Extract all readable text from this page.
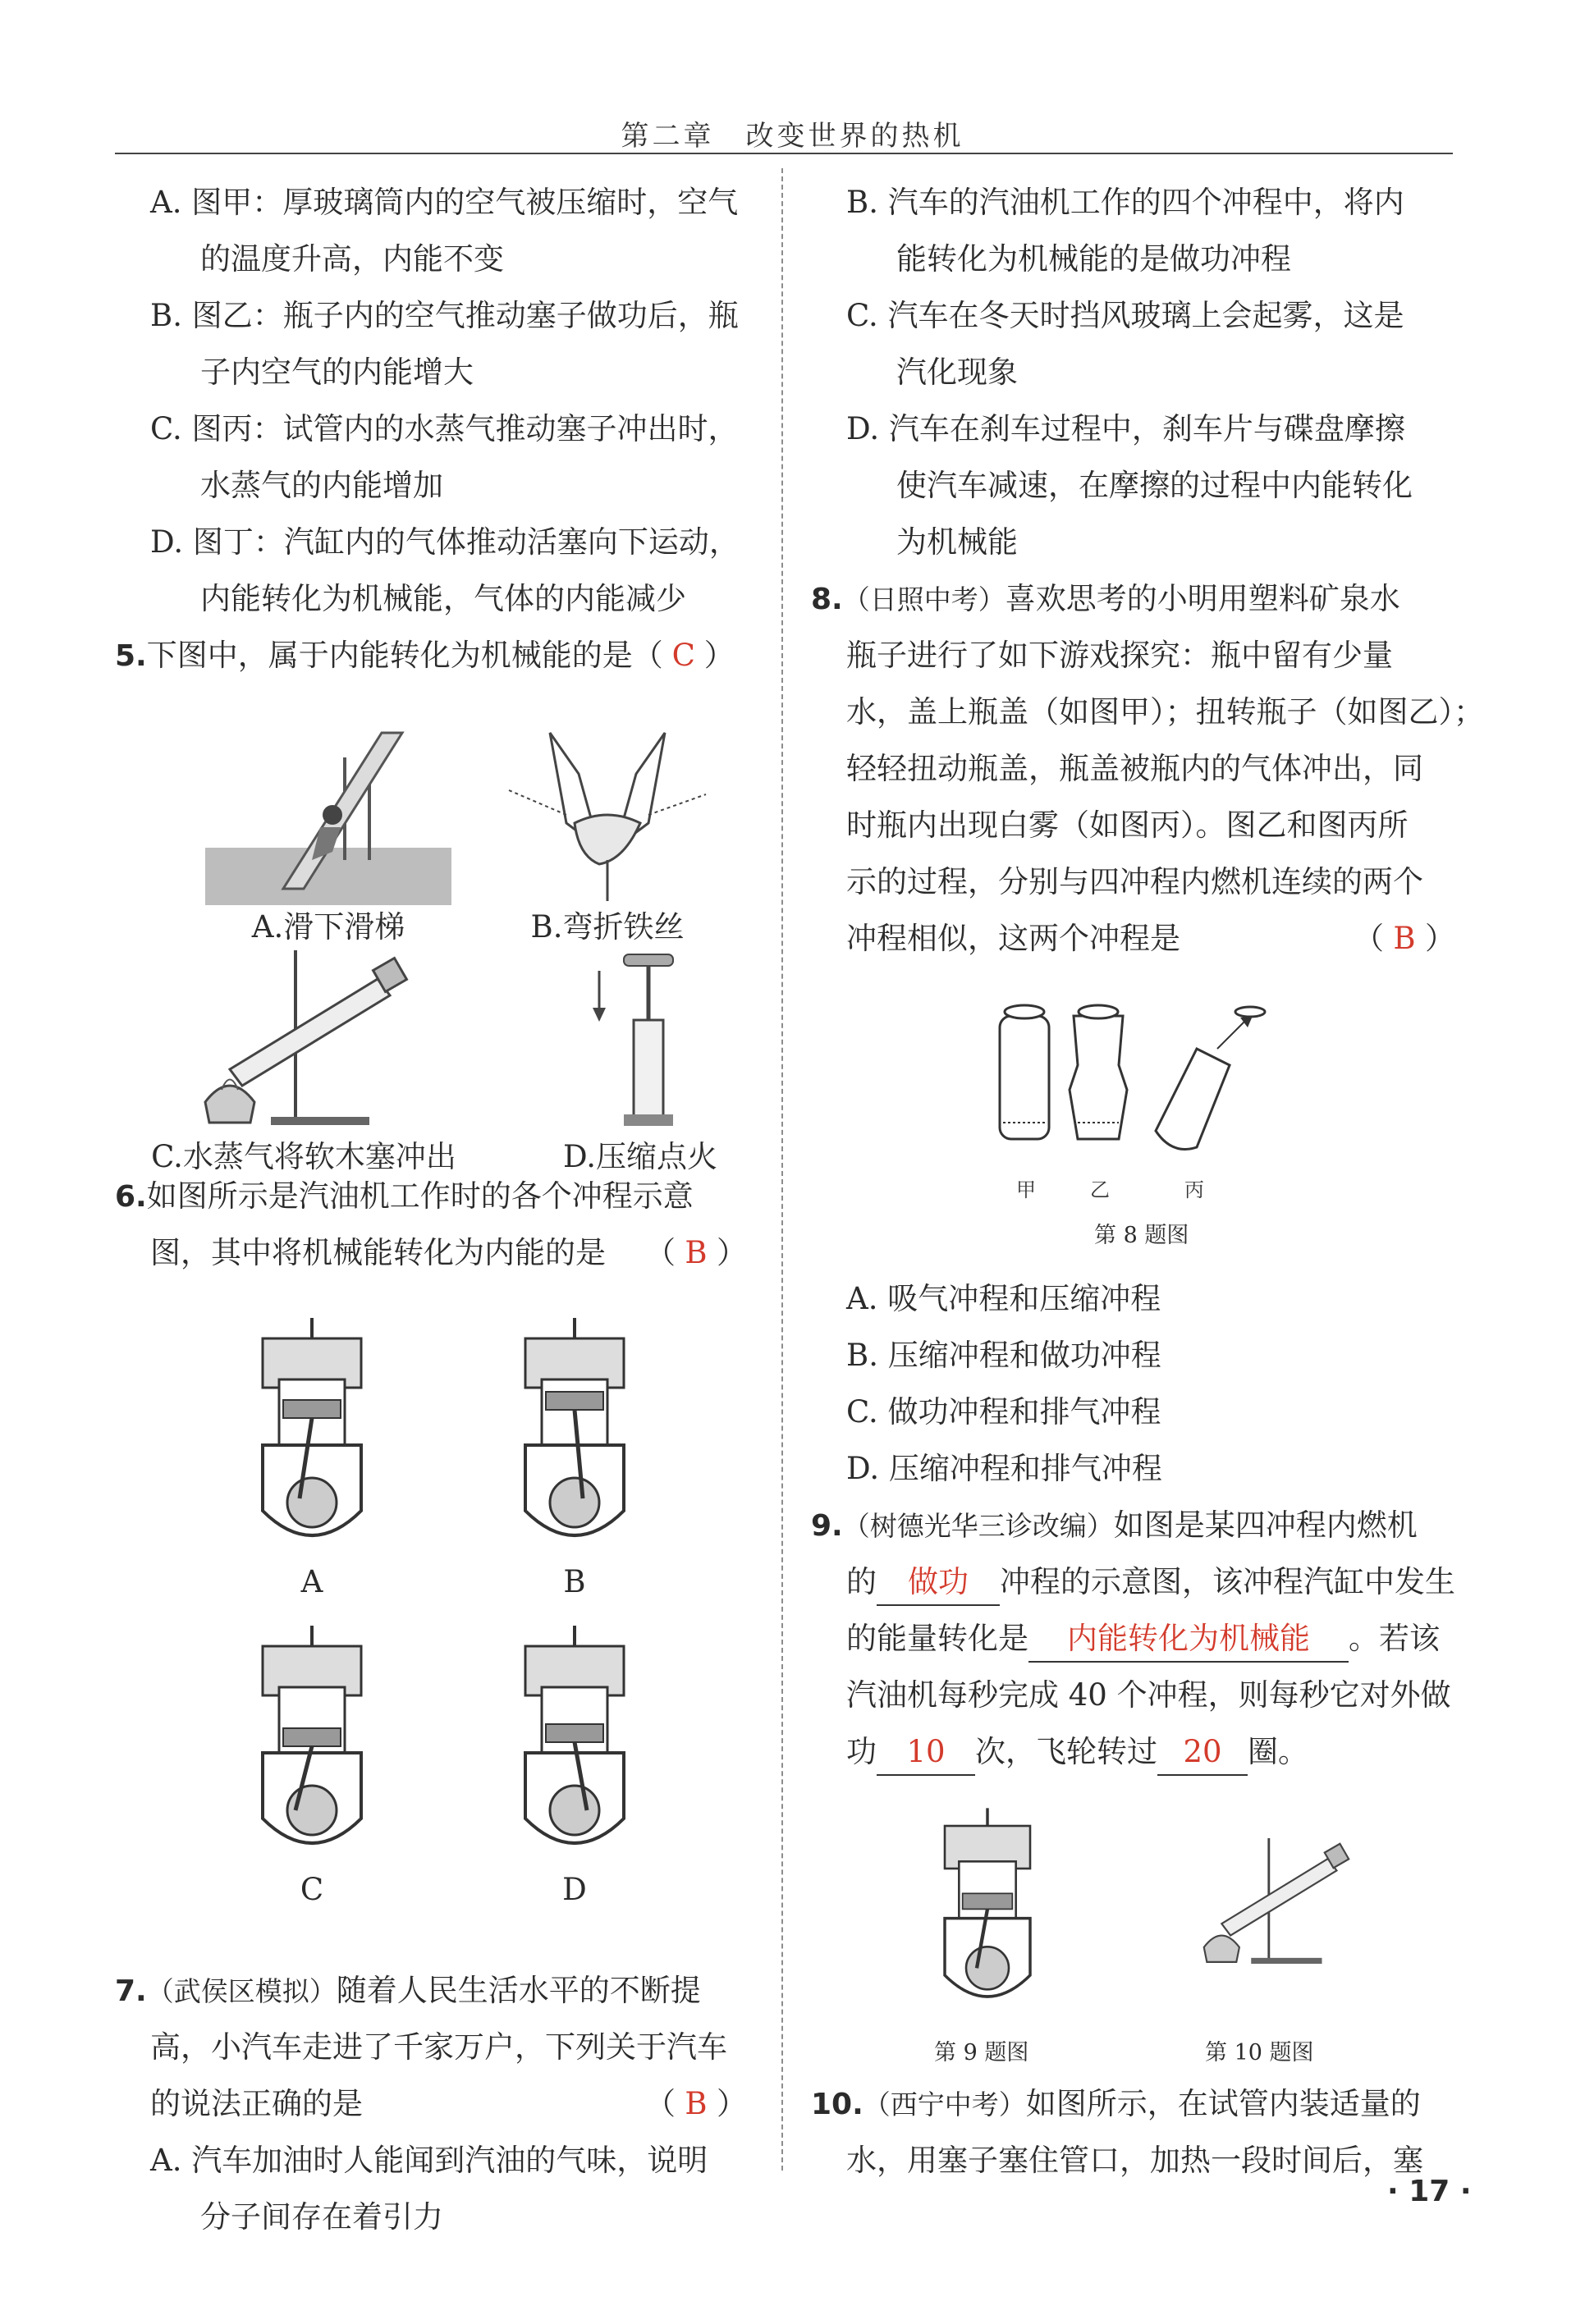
第二章　改变世界的热机
A. 图甲：厚玻璃筒内的空气被压缩时，空气
的温度升高，内能不变
B. 图乙：瓶子内的空气推动塞子做功后，瓶
子内空气的内能增大
C. 图丙：试管内的水蒸气推动塞子冲出时，
水蒸气的内能增加
D. 图丁：汽缸内的气体推动活塞向下运动，
内能转化为机械能，气体的内能减少
5.下图中，属于内能转化为机械能的是（ C ）
A.滑下滑梯	B.弯折铁丝
C.水蒸气将软木塞冲出	D.压缩点火
6.如图所示是汽油机工作时的各个冲程示意
图，其中将机械能转化为内能的是 （ B ）
A	B
C	D
7.（武侯区模拟）随着人民生活水平的不断提
高，小汽车走进了千家万户，下列关于汽车
的说法正确的是	（ B ）
A. 汽车加油时人能闻到汽油的气味，说明
分子间存在着引力
B. 汽车的汽油机工作的四个冲程中，将内
能转化为机械能的是做功冲程
C. 汽车在冬天时挡风玻璃上会起雾，这是
汽化现象
D. 汽车在刹车过程中，刹车片与碟盘摩擦
使汽车减速，在摩擦的过程中内能转化
为机械能
8.（日照中考）喜欢思考的小明用塑料矿泉水
瓶子进行了如下游戏探究：瓶中留有少量
水，盖上瓶盖（如图甲）；扭转瓶子（如图乙）；
轻轻扭动瓶盖，瓶盖被瓶内的气体冲出，同
时瓶内出现白雾（如图丙）。图乙和图丙所
示的过程，分别与四冲程内燃机连续的两个
冲程相似，这两个冲程是	（ B ）
甲	乙	丙
第 8 题图
A. 吸气冲程和压缩冲程
B. 压缩冲程和做功冲程
C. 做功冲程和排气冲程
D. 压缩冲程和排气冲程
9.（树德光华三诊改编）如图是某四冲程内燃机
的 做功 冲程的示意图，该冲程汽缸中发生
的能量转化是 内能转化为机械能 。若该
汽油机每秒完成 40 个冲程，则每秒它对外做
功 10 次，飞轮转过 20 圈。
第 9 题图	第 10 题图
10.（西宁中考）如图所示，在试管内装适量的
水，用塞子塞住管口，加热一段时间后，塞
· 17 ·
